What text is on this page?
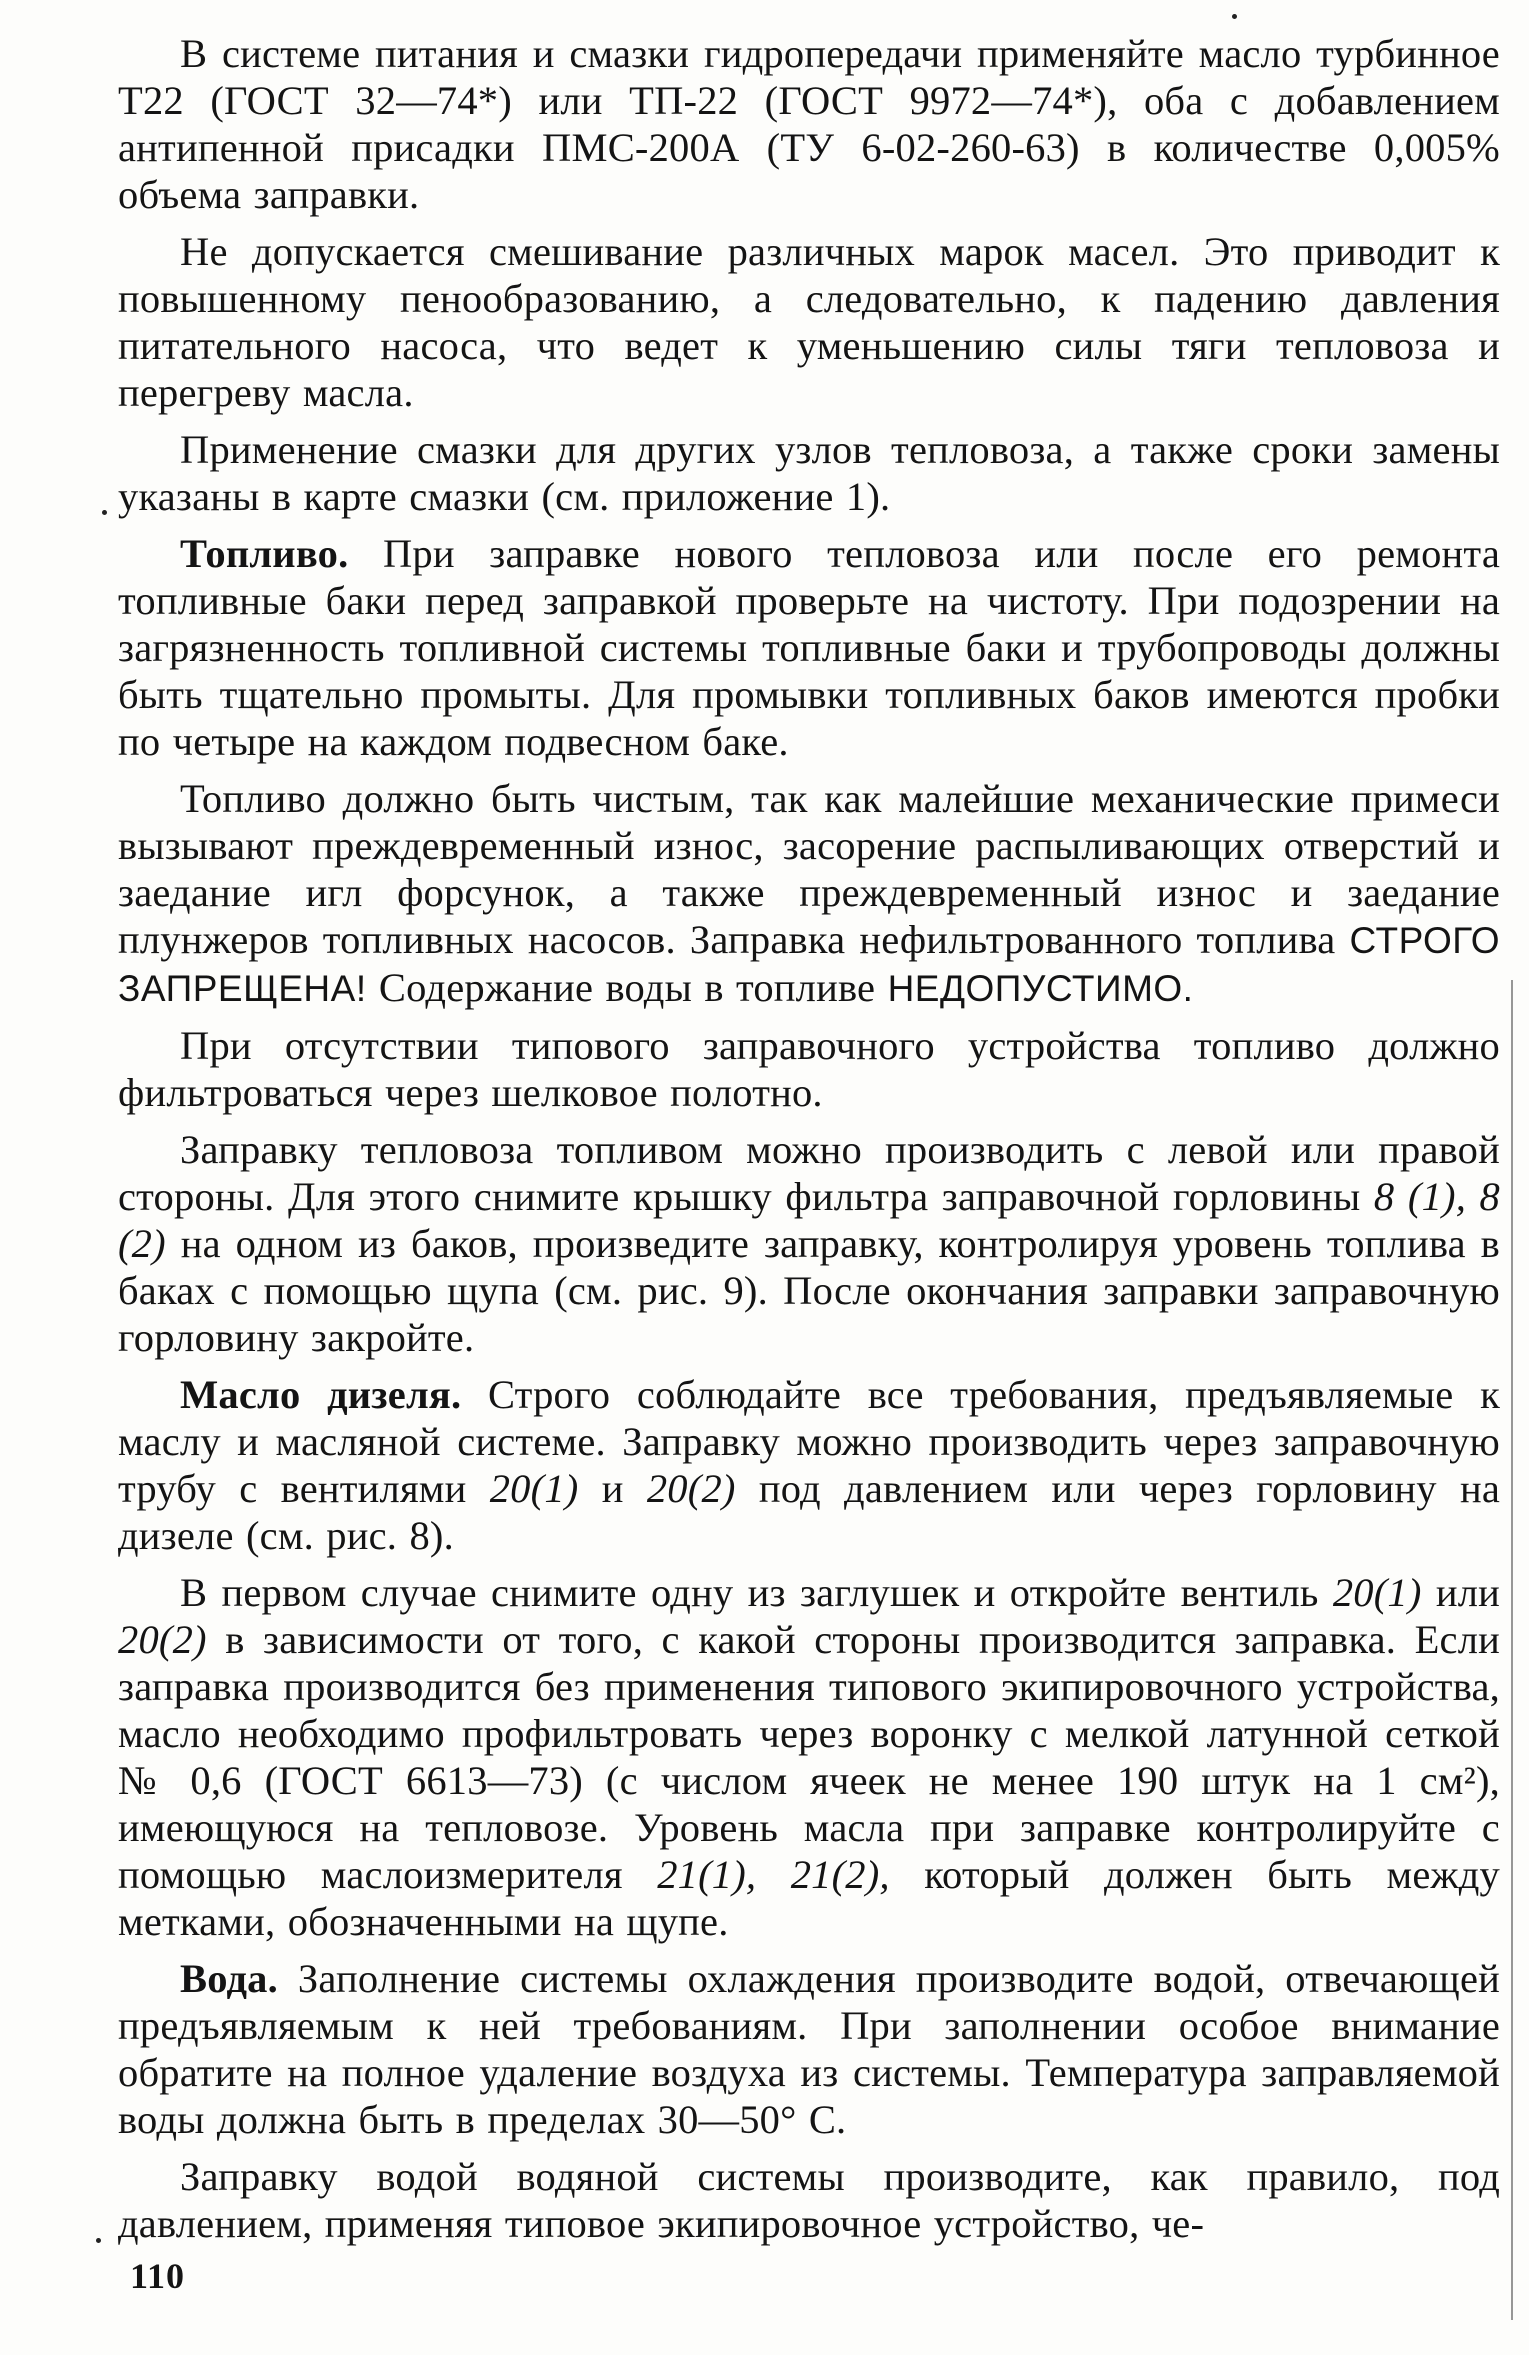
В системе питания и смазки гидропередачи применяйте масло турбинное Т22 (ГОСТ 32—74*) или ТП-22 (ГОСТ 9972—74*), оба с добавлением антипенной присадки ПМС-200А (ТУ 6-02-260-63) в количестве 0,005% объема заправки.

Не допускается смешивание различных марок масел. Это приводит к повышенному пенообразованию, а следовательно, к падению давления питательного насоса, что ведет к уменьшению силы тяги тепловоза и перегреву масла.

Применение смазки для других узлов тепловоза, а также сроки замены указаны в карте смазки (см. приложение 1).

Топливо. При заправке нового тепловоза или после его ремонта топливные баки перед заправкой проверьте на чистоту. При подозрении на загрязненность топливной системы топливные баки и трубопроводы должны быть тщательно промыты. Для промывки топливных баков имеются пробки по четыре на каждом подвесном баке.

Топливо должно быть чистым, так как малейшие механические примеси вызывают преждевременный износ, засорение распыливающих отверстий и заедание игл форсунок, а также преждевременный износ и заедание плунжеров топливных насосов. Заправка нефильтрованного топлива СТРОГО ЗАПРЕЩЕНА! Содержание воды в топливе НЕДОПУСТИМО.

При отсутствии типового заправочного устройства топливо должно фильтроваться через шелковое полотно.

Заправку тепловоза топливом можно производить с левой или правой стороны. Для этого снимите крышку фильтра заправочной горловины 8 (1), 8 (2) на одном из баков, произведите заправку, контролируя уровень топлива в баках с помощью щупа (см. рис. 9). После окончания заправки заправочную горловину закройте.

Масло дизеля. Строго соблюдайте все требования, предъявляемые к маслу и масляной системе. Заправку можно производить через заправочную трубу с вентилями 20(1) и 20(2) под давлением или через горловину на дизеле (см. рис. 8).

В первом случае снимите одну из заглушек и откройте вентиль 20(1) или 20(2) в зависимости от того, с какой стороны производится заправка. Если заправка производится без применения типового экипировочного устройства, масло необходимо профильтровать через воронку с мелкой латунной сеткой № 0,6 (ГОСТ 6613—73) (с числом ячеек не менее 190 штук на 1 см²), имеющуюся на тепловозе. Уровень масла при заправке контролируйте с помощью маслоизмерителя 21(1), 21(2), который должен быть между метками, обозначенными на щупе.

Вода. Заполнение системы охлаждения производите водой, отвечающей предъявляемым к ней требованиям. При заполнении особое внимание обратите на полное удаление воздуха из системы. Температура заправляемой воды должна быть в пределах 30—50° С.

Заправку водой водяной системы производите, как правило, под давлением, применяя типовое экипировочное устройство, че-

110
